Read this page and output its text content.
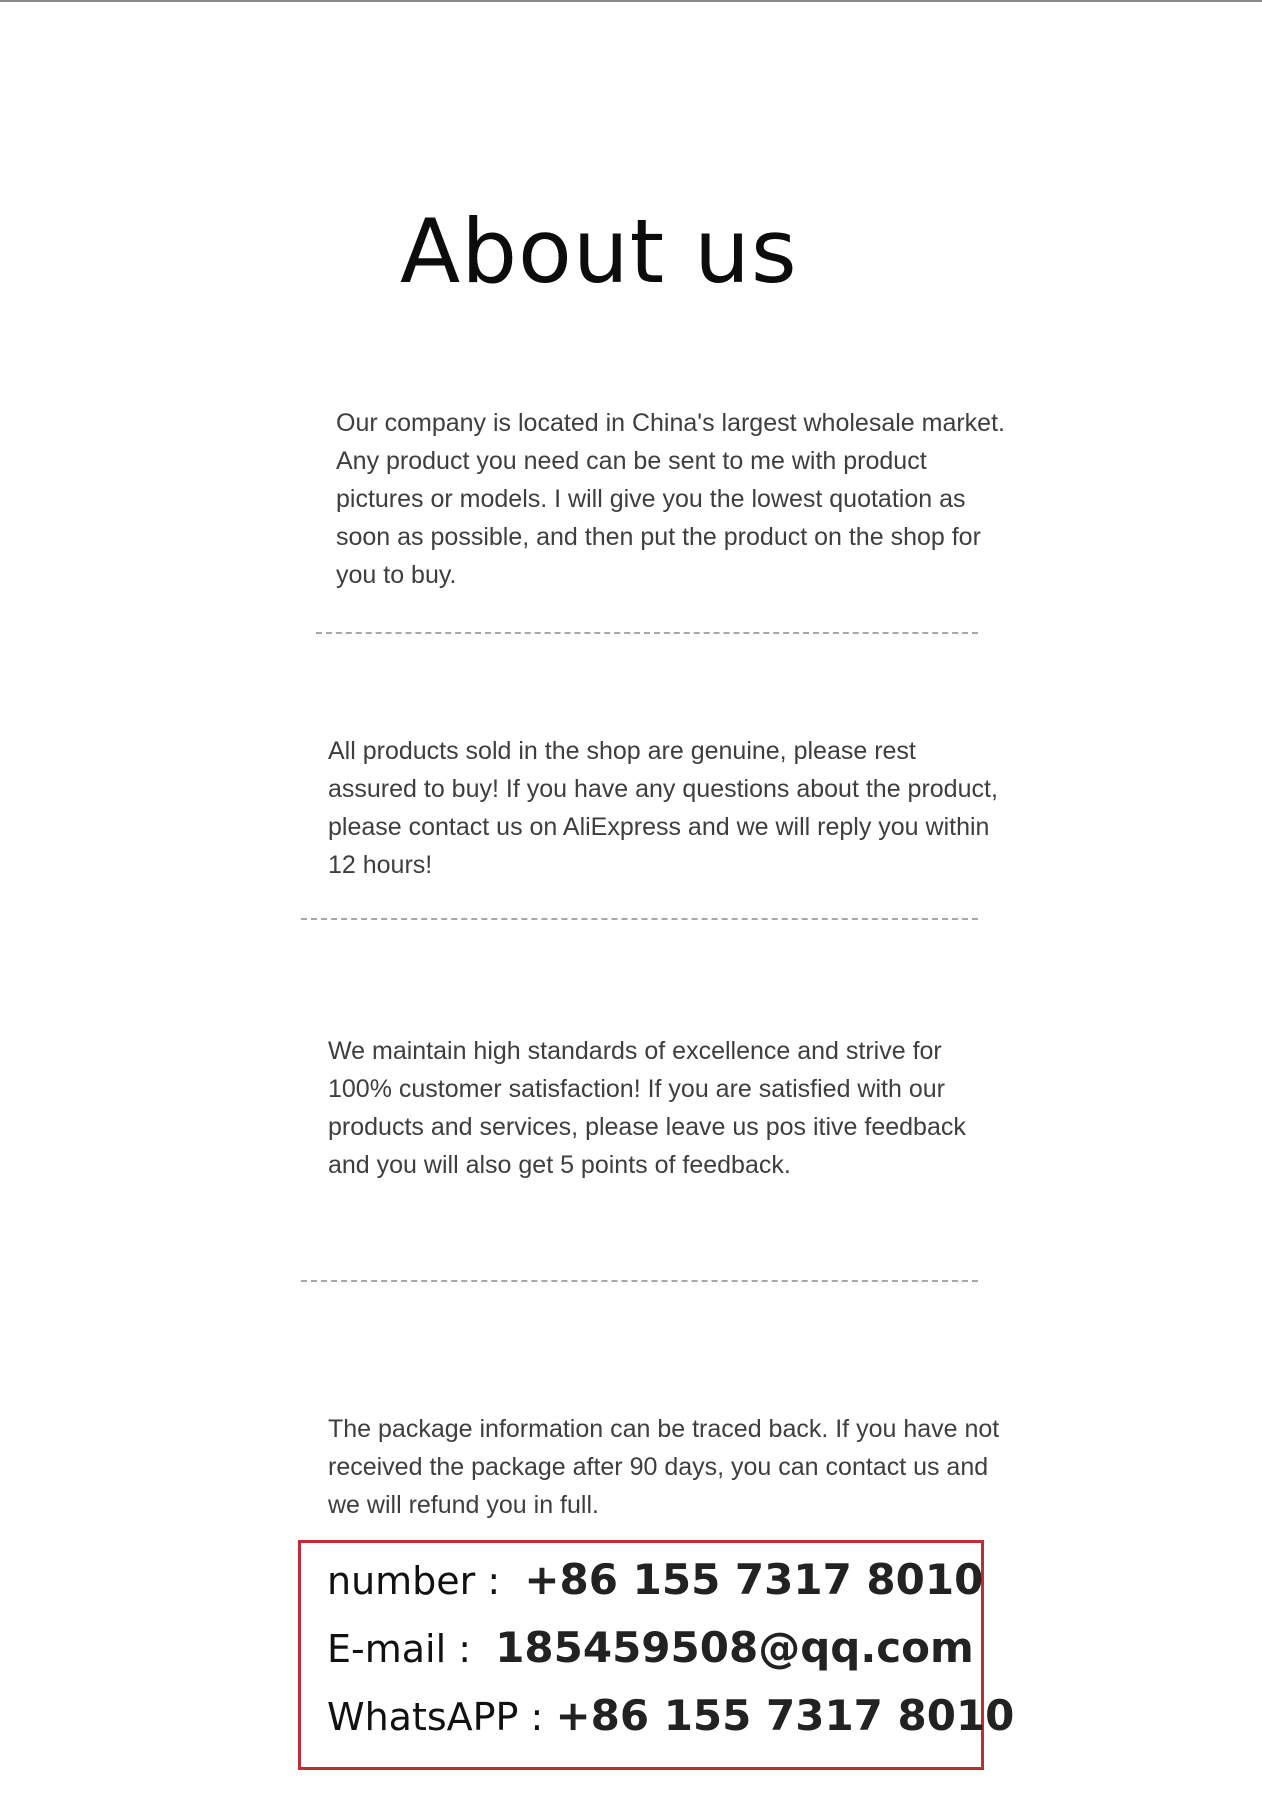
About us

Our company is located in China's largest wholesale market. Any product you need can be sent to me with product pictures or models. I will give you the lowest quotation as soon as possible, and then put the product on the shop for you to buy.

All products sold in the shop are genuine, please rest assured to buy! If you have any questions about the product, please contact us on AliExpress and we will reply you within 12 hours!

We maintain high standards of excellence and strive for 100% customer satisfaction! If you are satisfied with our products and services, please leave us pos itive feedback and you will also get 5 points of feedback.

The package information can be traced back. If you have not received the package after 90 days, you can contact us and we will refund you in full.

number :  +86 155 7317 8010
E-mail :  185459508@qq.com
WhatsAPP : +86 155 7317 8010
